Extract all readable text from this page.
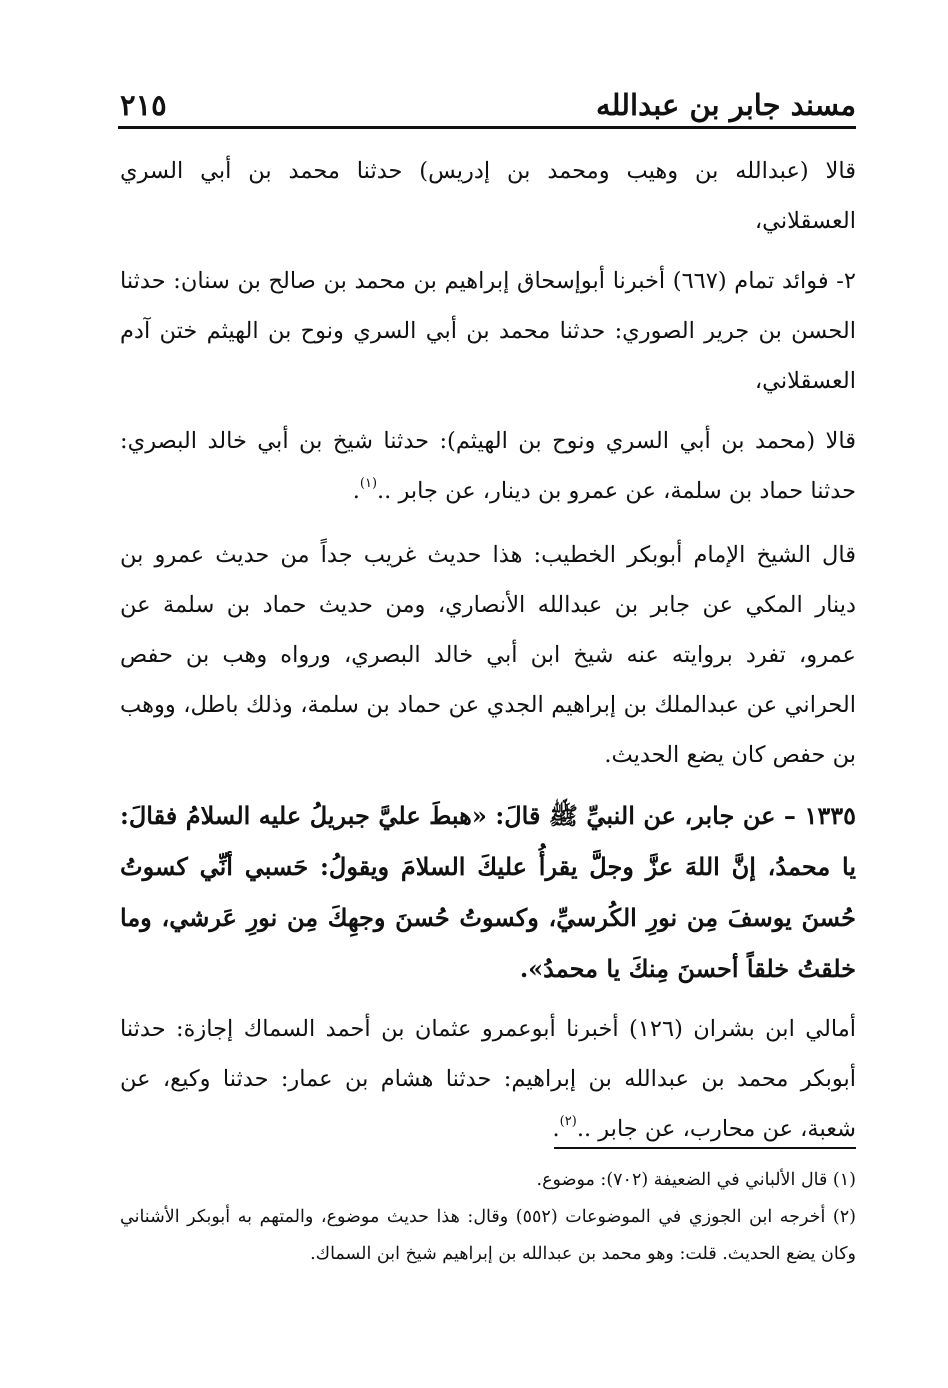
مسند جابر بن عبدالله
٢١٥

قالا (عبدالله بن وهيب ومحمد بن إدريس) حدثنا محمد بن أبي السري العسقلاني،

٢- فوائد تمام (٦٦٧) أخبرنا أبوإسحاق إبراهيم بن محمد بن صالح بن سنان: حدثنا الحسن بن جرير الصوري: حدثنا محمد بن أبي السري ونوح بن الهيثم ختن آدم العسقلاني،

قالا (محمد بن أبي السري ونوح بن الهيثم): حدثنا شيخ بن أبي خالد البصري: حدثنا حماد بن سلمة، عن عمرو بن دينار، عن جابر ..$^{(١)}$.

قال الشيخ الإمام أبوبكر الخطيب: هذا حديث غريب جداً من حديث عمرو بن دينار المكي عن جابر بن عبدالله الأنصاري، ومن حديث حماد بن سلمة عن عمرو، تفرد بروايته عنه شيخ ابن أبي خالد البصري، ورواه وهب بن حفص الحراني عن عبدالملك بن إبراهيم الجدي عن حماد بن سلمة، وذلك باطل، ووهب بن حفص كان يضع الحديث.

١٣٣٥ – عن جابر، عن النبيِّ ﷺ قالَ: «هبطَ عليَّ جبريلُ عليه السلامُ فقالَ: يا محمدُ، إنَّ اللهَ عزَّ وجلَّ يقرأُ عليكَ السلامَ ويقولُ: حَسبي أنِّي كسوتُ حُسنَ يوسفَ مِن نورِ الكُرسيِّ، وكسوتُ حُسنَ وجهِكَ مِن نورِ عَرشي، وما خلقتُ خلقاً أحسنَ مِنكَ يا محمدُ».

أمالي ابن بشران (١٢٦) أخبرنا أبوعمرو عثمان بن أحمد السماك إجازة: حدثنا أبوبكر محمد بن عبدالله بن إبراهيم: حدثنا هشام بن عمار: حدثنا وكيع، عن شعبة، عن محارب، عن جابر ..$^{(٢)}$.

(١) قال الألباني في الضعيفة (٧٠٢): موضوع.

(٢) أخرجه ابن الجوزي في الموضوعات (٥٥٢) وقال: هذا حديث موضوع، والمتهم به أبوبكر الأشناني وكان يضع الحديث. قلت: وهو محمد بن عبدالله بن إبراهيم شيخ ابن السماك.
